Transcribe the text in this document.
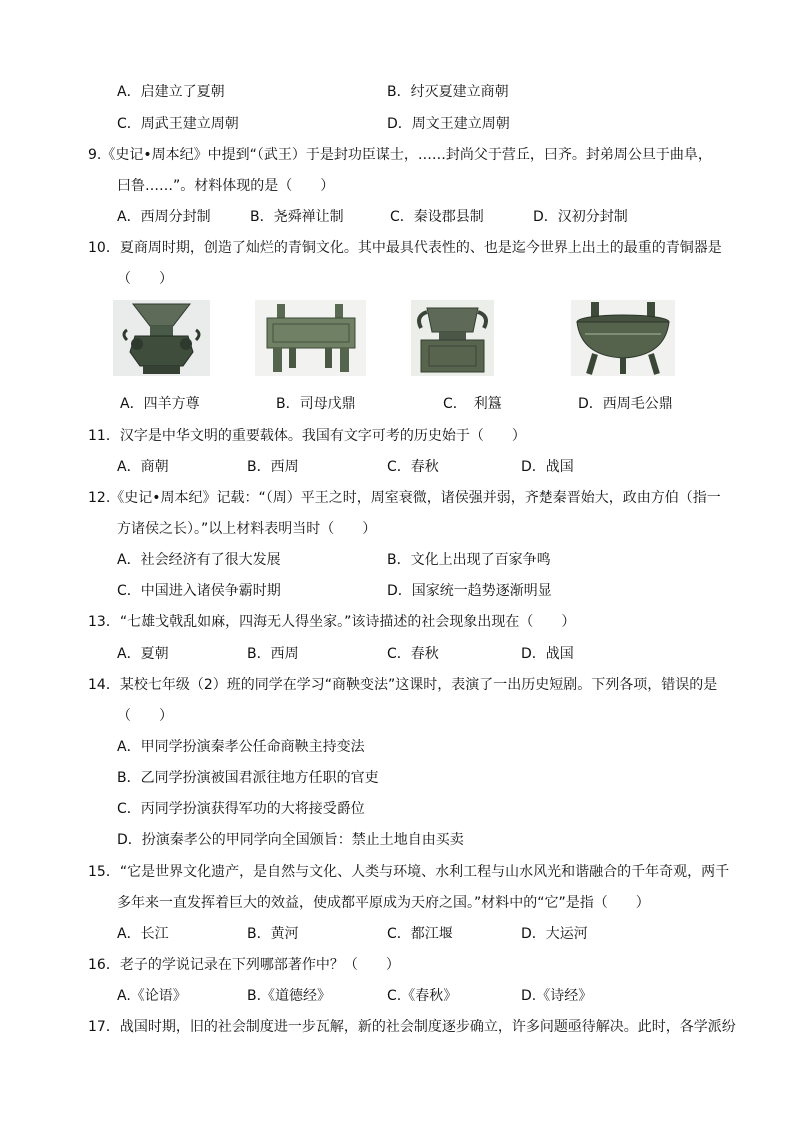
A．启建立了夏朝	B．纣灭夏建立商朝
C．周武王建立周朝	D．周文王建立周朝
9.《史记•周本纪》中提到“（武王）于是封功臣谋士，……封尚父于营丘，曰齐。封弟周公旦于曲阜，
曰鲁……”。材料体现的是（　　）
A．西周分封制	B．尧舜禅让制	C．秦设郡县制	D．汉初分封制
10．夏商周时期，创造了灿烂的青铜文化。其中最具代表性的、也是迄今世界上出土的最重的青铜器是
（　　）
A．四羊方尊	B．司母戊鼎	C．　利簋	D．西周毛公鼎
11．汉字是中华文明的重要载体。我国有文字可考的历史始于（　　）
A．商朝	B．西周	C．春秋	D．战国
12.《史记•周本纪》记载：“（周）平王之时，周室衰微，诸侯强并弱，齐楚秦晋始大，政由方伯（指一
方诸侯之长）。”以上材料表明当时（　　）
A．社会经济有了很大发展	B．文化上出现了百家争鸣
C．中国进入诸侯争霸时期	D．国家统一趋势逐渐明显
13．“七雄戈戟乱如麻，四海无人得坐家。”该诗描述的社会现象出现在（　　）
A．夏朝	B．西周	C．春秋	D．战国
14．某校七年级（2）班的同学在学习“商鞅变法”这课时，表演了一出历史短剧。下列各项，错误的是
（　　）
A．甲同学扮演秦孝公任命商鞅主持变法
B．乙同学扮演被国君派往地方任职的官吏
C．丙同学扮演获得军功的大将接受爵位
D．扮演秦孝公的甲同学向全国颁旨：禁止土地自由买卖
15．“它是世界文化遗产，是自然与文化、人类与环境、水利工程与山水风光和谐融合的千年奇观，两千
多年来一直发挥着巨大的效益，使成都平原成为天府之国。”材料中的“它”是指（　　）
A．长江	B．黄河	C．都江堰	D．大运河
16．老子的学说记录在下列哪部著作中？（　　）
A.《论语》	B.《道德经》	C.《春秋》	D.《诗经》
17．战国时期，旧的社会制度进一步瓦解，新的社会制度逐步确立，许多问题亟待解决。此时，各学派纷
